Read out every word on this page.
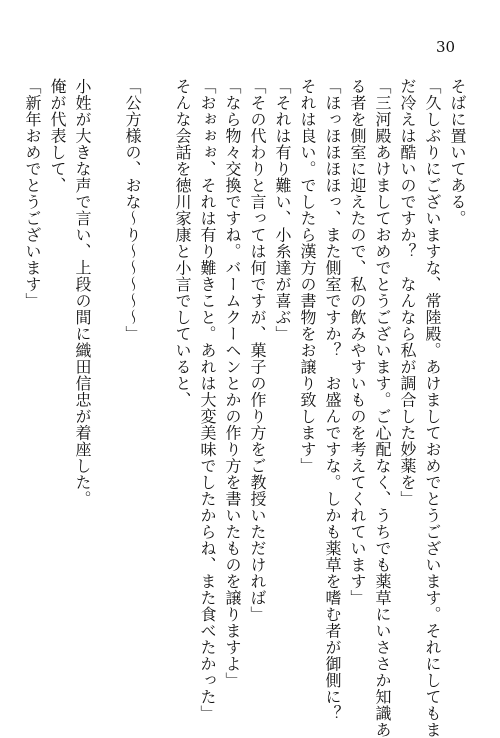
30
そばに置いてある。
「久しぶりにございますな、常陸殿。あけましておめでとうございます。それにしてもま
だ冷えは酷いのですか？　なんなら私が調合した妙薬を」
「三河殿あけましておめでとうございます。ご心配なく、うちでも薬草にいささか知識あ
る者を側室に迎えたので、私の飲みやすいものを考えてくれています」
「ほっほほほほっ、また側室ですか？　お盛んですな。しかも薬草を嗜む者が御側に？
それは良い。でしたら漢方の書物をお譲り致します」
「それは有り難い、小糸達が喜ぶ」
「その代わりと言っては何ですが、菓子の作り方をご教授いただければ」
「なら物々交換ですね。バームクーヘンとかの作り方を書いたものを譲りますよ」
「おぉぉぉ、それは有り難きこと。あれは大変美味でしたからね、また食べたかった」
そんな会話を徳川家康と小言でしていると、
「公方様の、おな～り～～～～～」
小姓が大きな声で言い、上段の間に織田信忠が着座した。
俺が代表して、
「新年おめでとうございます」
